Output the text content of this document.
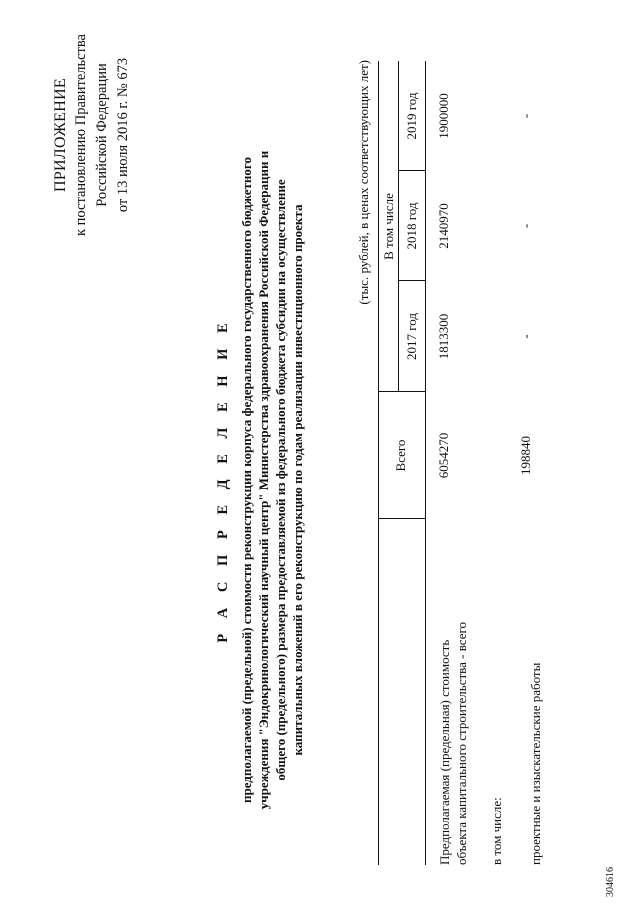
ПРИЛОЖЕНИЕ к постановлению Правительства Российской Федерации от 13 июля 2016 г. № 673
Р А С П Р Е Д Е Л Е Н И Е предполагаемой (предельной) стоимости реконструкции корпуса федерального государственного бюджетного учреждения "Эндокринологический научный центр" Министерства здравоохранения Российской Федерации и общего (предельного) размера предоставляемой из федерального бюджета субсидии на осуществление капитальных вложений в его реконструкцию по годам реализации инвестиционного проекта
(тыс. рублей, в ценах соответствующих лет)
Всего
В том числе
2017 год
2018 год
2019 год
Предполагаемая (предельная) стоимость объекта капитального строительства - всего
6054270
1813300
2140970
1900000
в том числе: проектные и изыскательские работы
198840
-
-
-
304616
